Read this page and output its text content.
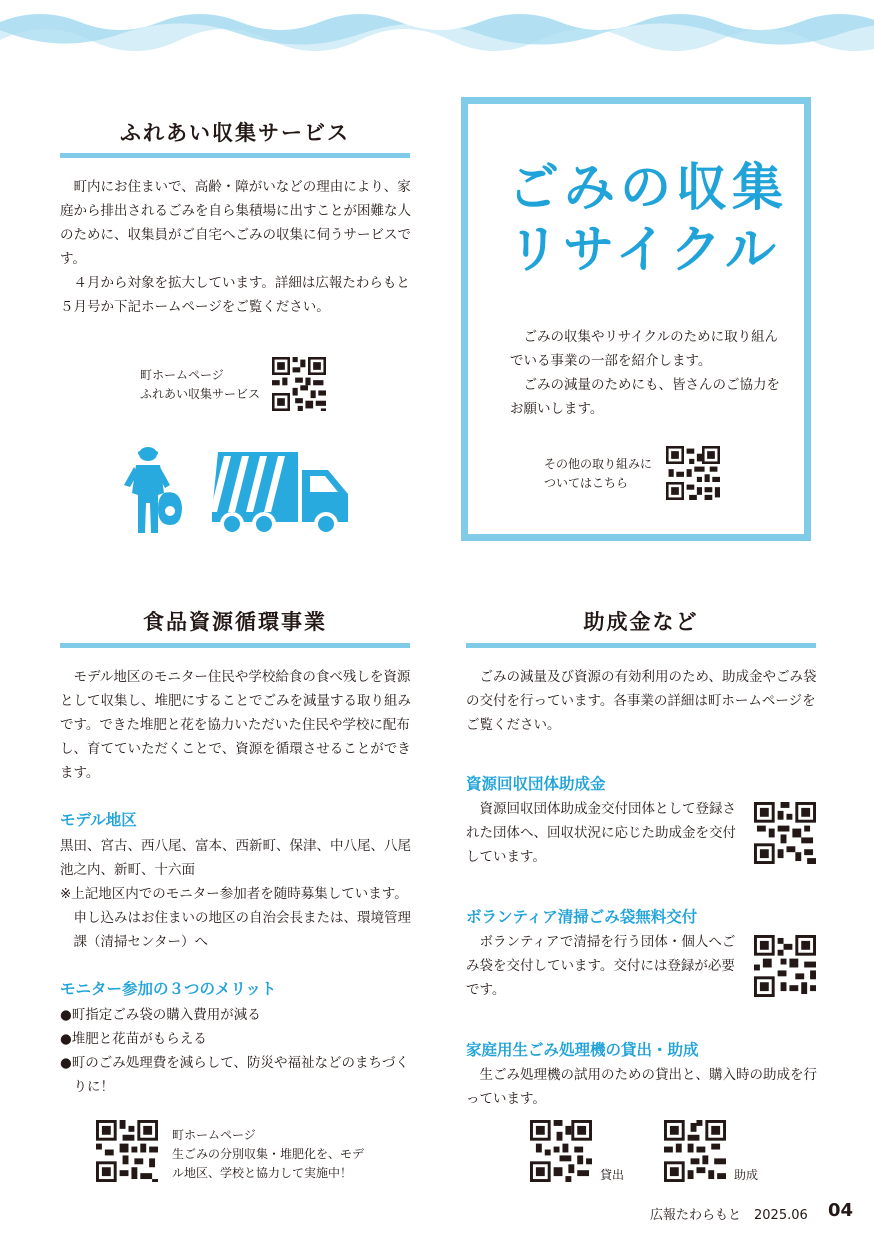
ふれあい収集サービス

町内にお住まいで、高齢・障がいなどの理由により、家庭から排出されるごみを自ら集積場に出すことが困難な人のために、収集員がご自宅へごみの収集に伺うサービスです。

４月から対象を拡大しています。詳細は広報たわらもと５月号か下記ホームページをご覧ください。

町ホームページ
ふれあい収集サービス
ごみの収集
リサイクル

ごみの収集やリサイクルのために取り組んでいる事業の一部を紹介します。

ごみの減量のためにも、皆さんのご協力をお願いします。

その他の取り組みに
ついてはこちら
食品資源循環事業

モデル地区のモニター住民や学校給食の食べ残しを資源として収集し、堆肥にすることでごみを減量する取り組みです。できた堆肥と花を協力いただいた住民や学校に配布し、育てていただくことで、資源を循環させることができます。

モデル地区
黒田、宮古、西八尾、富本、西新町、保津、中八尾、八尾池之内、新町、十六面
※上記地区内でのモニター参加者を随時募集しています。申し込みはお住まいの地区の自治会長または、環境管理課（清掃センター）へ
モニター参加の３つのメリット
●町指定ごみ袋の購入費用が減る
●堆肥と花苗がもらえる
●町のごみ処理費を減らして、防災や福祉などのまちづくりに！
町ホームページ
生ごみの分別収集・堆肥化を、モデル地区、学校と協力して実施中！
助成金など

ごみの減量及び資源の有効利用のため、助成金やごみ袋の交付を行っています。各事業の詳細は町ホームページをご覧ください。

資源回収団体助成金

資源回収団体助成金交付団体として登録された団体へ、回収状況に応じた助成金を交付しています。

ボランティア清掃ごみ袋無料交付

ボランティアで清掃を行う団体・個人へごみ袋を交付しています。交付には登録が必要です。

家庭用生ごみ処理機の貸出・助成

生ごみ処理機の試用のための貸出と、購入時の助成を行っています。

貸出	助成
広報たわらもと　2025.06 04
